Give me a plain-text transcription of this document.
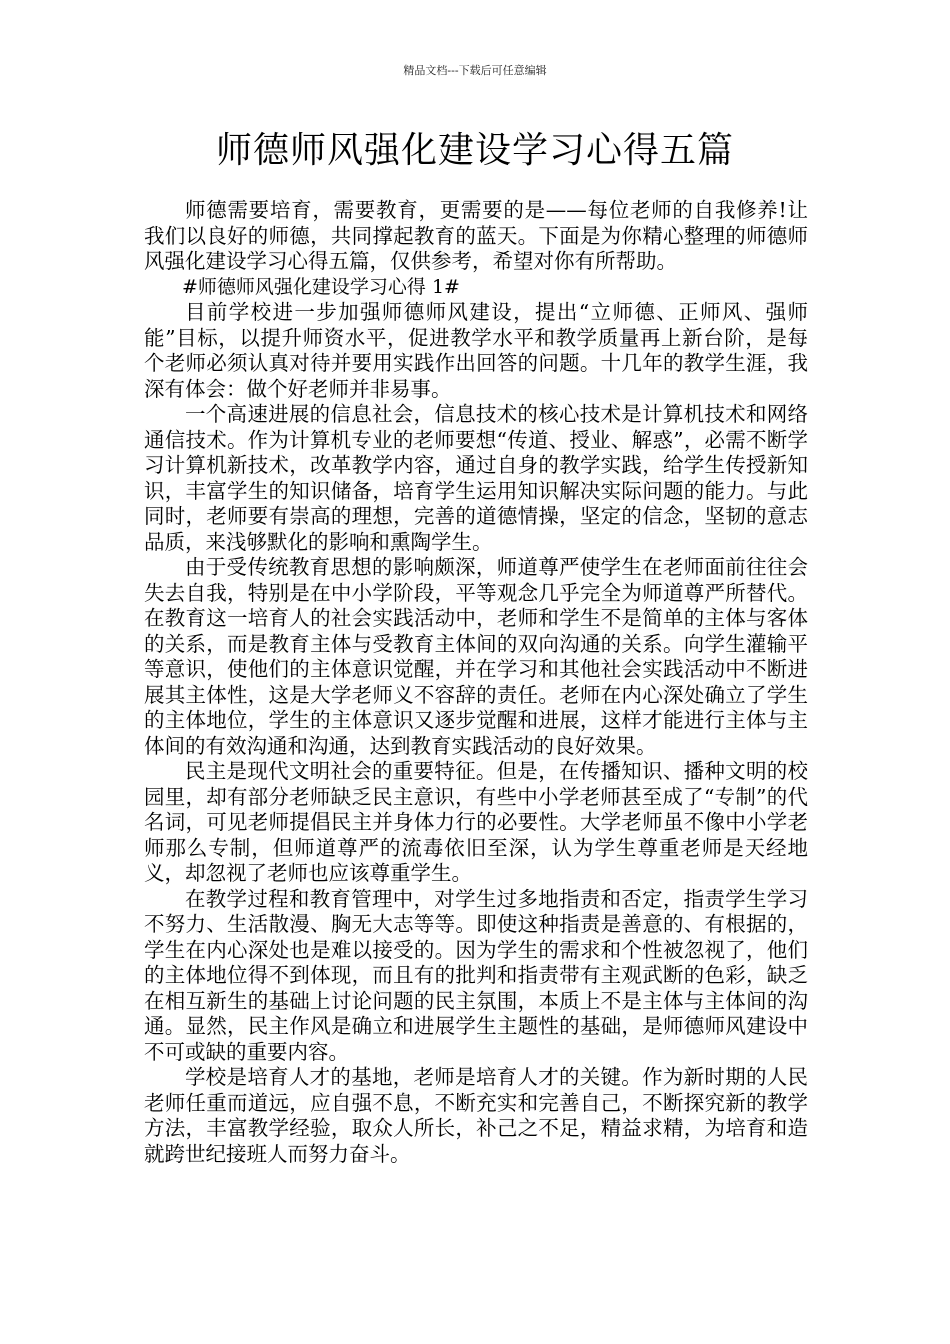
精品文档---下载后可任意编辑
师德师风强化建设学习心得五篇

师德需要培育，需要教育，更需要的是——每位老师的自我修养!让我们以良好的师德，共同撑起教育的蓝天。下面是为你精心整理的师德师风强化建设学习心得五篇，仅供参考，希望对你有所帮助。

#师德师风强化建设学习心得 1#

目前学校进一步加强师德师风建设，提出“立师德、正师风、强师能”目标，以提升师资水平，促进教学水平和教学质量再上新台阶，是每个老师必须认真对待并要用实践作出回答的问题。十几年的教学生涯，我深有体会：做个好老师并非易事。

一个高速进展的信息社会，信息技术的核心技术是计算机技术和网络通信技术。作为计算机专业的老师要想“传道、授业、解惑”，必需不断学习计算机新技术，改革教学内容，通过自身的教学实践，给学生传授新知识，丰富学生的知识储备，培育学生运用知识解决实际问题的能力。与此同时，老师要有崇高的理想，完善的道德情操，坚定的信念，坚韧的意志品质，来浅够默化的影响和熏陶学生。

由于受传统教育思想的影响颇深，师道尊严使学生在老师面前往往会失去自我，特别是在中小学阶段，平等观念几乎完全为师道尊严所替代。在教育这一培育人的社会实践活动中，老师和学生不是简单的主体与客体的关系，而是教育主体与受教育主体间的双向沟通的关系。向学生灌输平等意识，使他们的主体意识觉醒，并在学习和其他社会实践活动中不断进展其主体性，这是大学老师义不容辞的责任。老师在内心深处确立了学生的主体地位，学生的主体意识又逐步觉醒和进展，这样才能进行主体与主体间的有效沟通和沟通，达到教育实践活动的良好效果。

民主是现代文明社会的重要特征。但是，在传播知识、播种文明的校园里，却有部分老师缺乏民主意识，有些中小学老师甚至成了“专制”的代名词，可见老师提倡民主并身体力行的必要性。大学老师虽不像中小学老师那么专制，但师道尊严的流毒依旧至深，认为学生尊重老师是天经地义，却忽视了老师也应该尊重学生。

在教学过程和教育管理中，对学生过多地指责和否定，指责学生学习不努力、生活散漫、胸无大志等等。即使这种指责是善意的、有根据的，学生在内心深处也是难以接受的。因为学生的需求和个性被忽视了，他们的主体地位得不到体现，而且有的批判和指责带有主观武断的色彩，缺乏在相互新生的基础上讨论问题的民主氛围，本质上不是主体与主体间的沟通。显然，民主作风是确立和进展学生主题性的基础，是师德师风建设中不可或缺的重要内容。

学校是培育人才的基地，老师是培育人才的关键。作为新时期的人民老师任重而道远，应自强不息，不断充实和完善自己，不断探究新的教学方法，丰富教学经验，取众人所长，补己之不足，精益求精，为培育和造就跨世纪接班人而努力奋斗。
